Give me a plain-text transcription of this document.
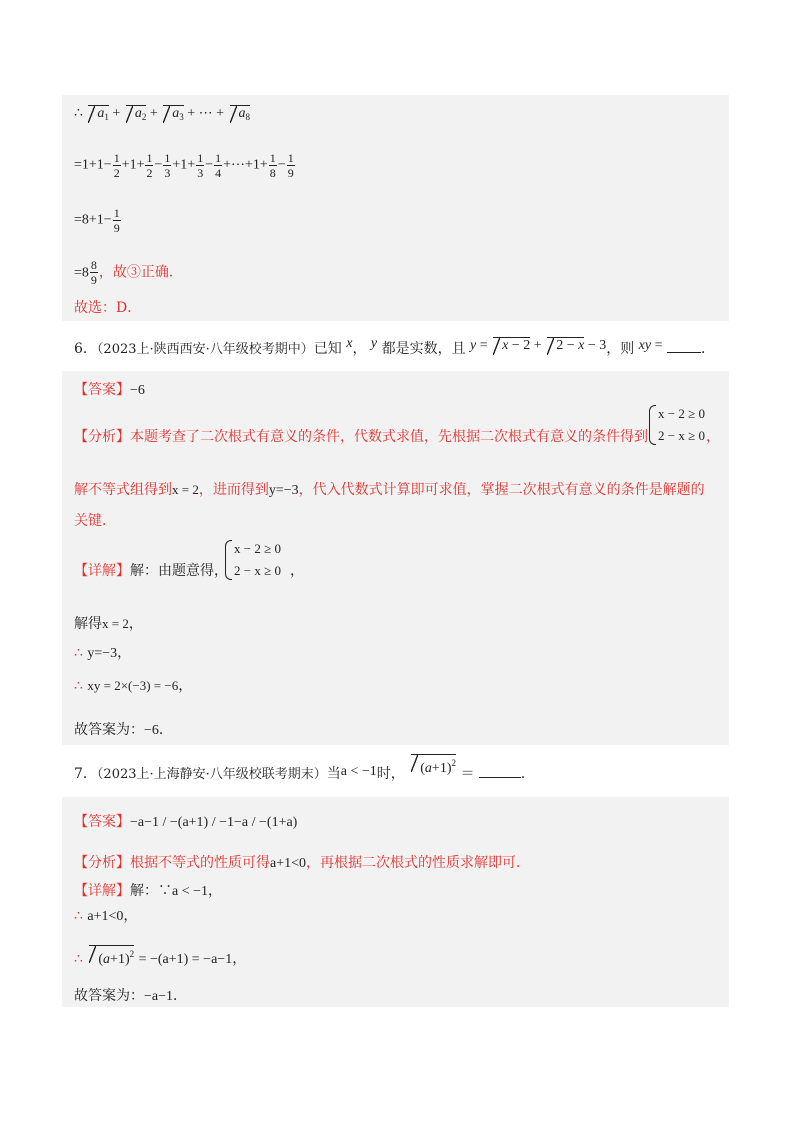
∴ $a_1 + a_2 + a_3$ + ⋯ + $a_8$
$=1+1- \frac{1}{2} +1+ \frac{1}{2} - \frac{1}{3} +1+ \frac{1}{3} - \frac{1}{4}$ +⋯+1+ $\frac{1}{8} - \frac{1}{9}$
$=8+1- \frac{1}{9}$
$=8 \frac{8}{9}$ ，故③正确．
故选：D．
6．（2023上·陕西西安·八年级校考期中）已知 x， y 都是实数，且 y = x − 2 + 2 − x − 3，则 xy =	．
【答案】−6
【分析】本题考查了二次根式有意义的条件，代数式求值，先根据二次根式有意义的条件得到
x − 2 ≥ 0
2 − x ≥ 0 ，
解不等式组得到x = 2，进而得到y=−3，代入代数式计算即可求值，掌握二次根式有意义的条件是解题的
关键．
【详解】解：由题意得，
x − 2 ≥ 0
2 − x ≥ 0 ，
解得x = 2，
∴ y=−3，
∴ xy = 2×(−3) = −6，
故答案为：−6．
7．（2023上·上海静安·八年级校联考期末）当a < −1时， $(a+1)^2$ ＝	．
【答案】−a−1 / −(a+1) / −1−a / −(1+a)
【分析】根据不等式的性质可得a+1<0，再根据二次根式的性质求解即可．
【详解】解：∵a < −1，
∴ a+1<0，
∴ $(a+1)^2 = -(a+1) = -a-1$，
故答案为：−a−1．
